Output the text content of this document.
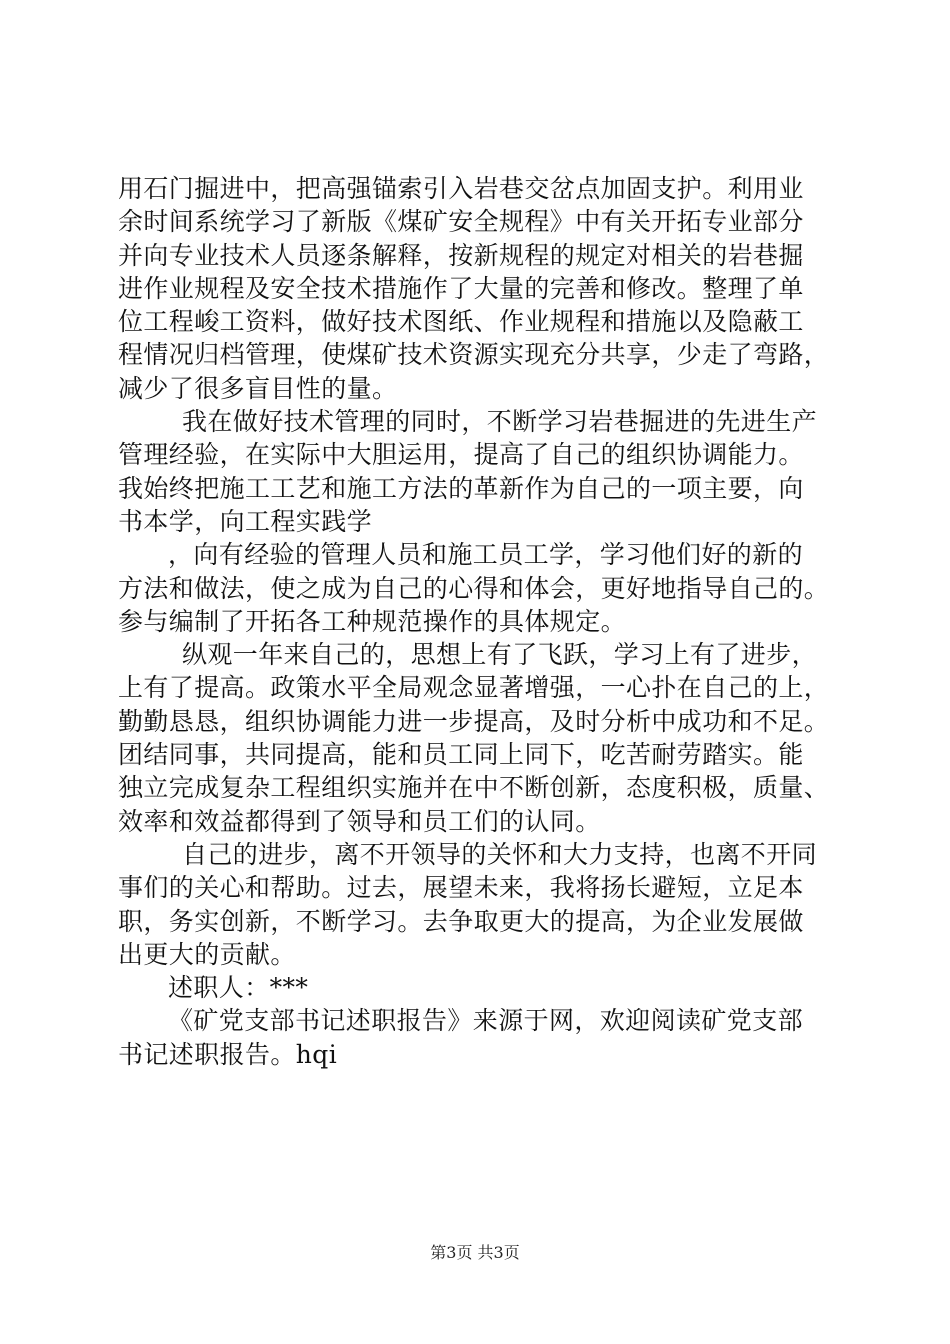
用石门掘进中，把高强锚索引入岩巷交岔点加固支护。利用业
余时间系统学习了新版《煤矿安全规程》中有关开拓专业部分
并向专业技术人员逐条解释，按新规程的规定对相关的岩巷掘
进作业规程及安全技术措施作了大量的完善和修改。整理了单
位工程峻工资料，做好技术图纸、作业规程和措施以及隐蔽工
程情况归档管理，使煤矿技术资源实现充分共享，少走了弯路，
减少了很多盲目性的量。
我在做好技术管理的同时，不断学习岩巷掘进的先进生产
管理经验，在实际中大胆运用，提高了自己的组织协调能力。
我始终把施工工艺和施工方法的革新作为自己的一项主要，向
书本学，向工程实践学
，向有经验的管理人员和施工员工学，学习他们好的新的
方法和做法，使之成为自己的心得和体会，更好地指导自己的。
参与编制了开拓各工种规范操作的具体规定。
纵观一年来自己的，思想上有了飞跃，学习上有了进步，
上有了提高。政策水平全局观念显著增强，一心扑在自己的上，
勤勤恳恳，组织协调能力进一步提高，及时分析中成功和不足。
团结同事，共同提高，能和员工同上同下，吃苦耐劳踏实。能
独立完成复杂工程组织实施并在中不断创新，态度积极，质量、
效率和效益都得到了领导和员工们的认同。
自己的进步，离不开领导的关怀和大力支持，也离不开同
事们的关心和帮助。过去，展望未来，我将扬长避短，立足本
职，务实创新，不断学习。去争取更大的提高，为企业发展做
出更大的贡献。
述职人：***
《矿党支部书记述职报告》来源于网，欢迎阅读矿党支部
书记述职报告。hqi
第3页 共3页
